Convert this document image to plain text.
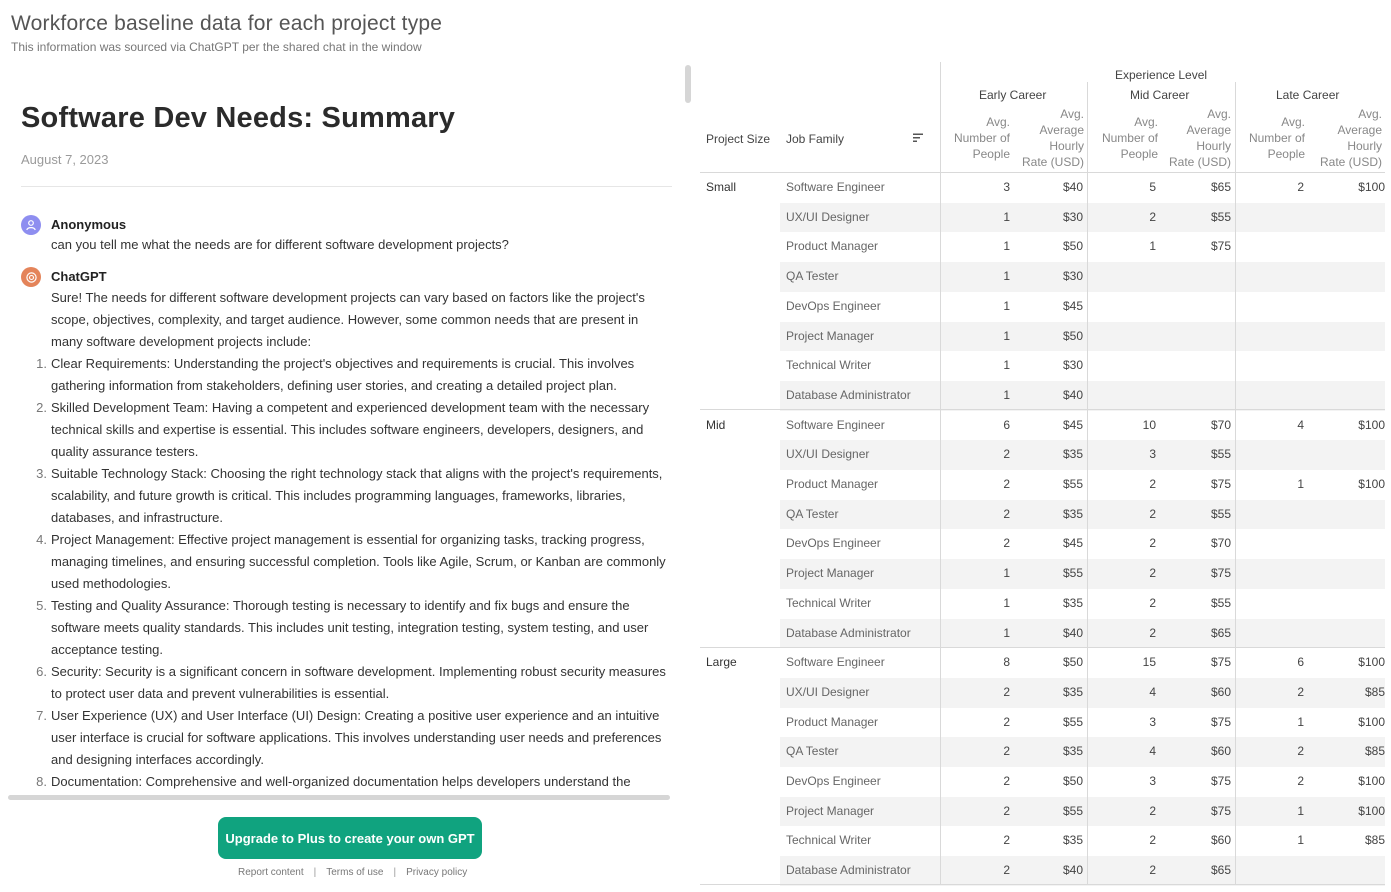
Workforce baseline data for each project type
This information was sourced via ChatGPT per the shared chat in the window
Software Dev Needs: Summary
August 7, 2023
Anonymous
can you tell me what the needs are for different software development projects?
ChatGPT

Sure! The needs for different software development projects can vary based on factors like the project's scope, objectives, complexity, and target audience. However, some common needs that are present in many software development projects include:

1. Clear Requirements: Understanding the project's objectives and requirements is crucial. This involves gathering information from stakeholders, defining user stories, and creating a detailed project plan.
2. Skilled Development Team: Having a competent and experienced development team with the necessary technical skills and expertise is essential. This includes software engineers, developers, designers, and quality assurance testers.
3. Suitable Technology Stack: Choosing the right technology stack that aligns with the project's requirements, scalability, and future growth is critical. This includes programming languages, frameworks, libraries, databases, and infrastructure.
4. Project Management: Effective project management is essential for organizing tasks, tracking progress, managing timelines, and ensuring successful completion. Tools like Agile, Scrum, or Kanban are commonly used methodologies.
5. Testing and Quality Assurance: Thorough testing is necessary to identify and fix bugs and ensure the software meets quality standards. This includes unit testing, integration testing, system testing, and user acceptance testing.
6. Security: Security is a significant concern in software development. Implementing robust security measures to protect user data and prevent vulnerabilities is essential.
7. User Experience (UX) and User Interface (UI) Design: Creating a positive user experience and an intuitive user interface is crucial for software applications. This involves understanding user needs and preferences and designing interfaces accordingly.
8. Documentation: Comprehensive and well-organized documentation helps developers understand the
Upgrade to Plus to create your own GPT
Report content | Terms of use | Privacy policy
Experience Level
Early Career	Mid Career	Late Career
Project Size Job Family
Avg.
Number of
People
Avg.
Average
Hourly
Rate (USD)
Avg.
Number of
People
Avg.
Average
Hourly
Rate (USD)
Avg.
Number of
People
Avg.
Average
Hourly
Rate (USD)
Small	Software Engineer	3	$40	5	$65	2	$100
UX/UI Designer	1	$30	2	$55
Product Manager	1	$50	1	$75
QA Tester	1	$30
DevOps Engineer	1	$45
Project Manager	1	$50
Technical Writer	1	$30
Database Administrator	1	$40
Mid	Software Engineer	6	$45	10	$70	4	$100
UX/UI Designer	2	$35	3	$55
Product Manager	2	$55	2	$75	1	$100
QA Tester	2	$35	2	$55
DevOps Engineer	2	$45	2	$70
Project Manager	1	$55	2	$75
Technical Writer	1	$35	2	$55
Database Administrator	1	$40	2	$65
Large	Software Engineer	8	$50	15	$75	6	$100
UX/UI Designer	2	$35	4	$60	2	$85
Product Manager	2	$55	3	$75	1	$100
QA Tester	2	$35	4	$60	2	$85
DevOps Engineer	2	$50	3	$75	2	$100
Project Manager	2	$55	2	$75	1	$100
Technical Writer	2	$35	2	$60	1	$85
Database Administrator	2	$40	2	$65
